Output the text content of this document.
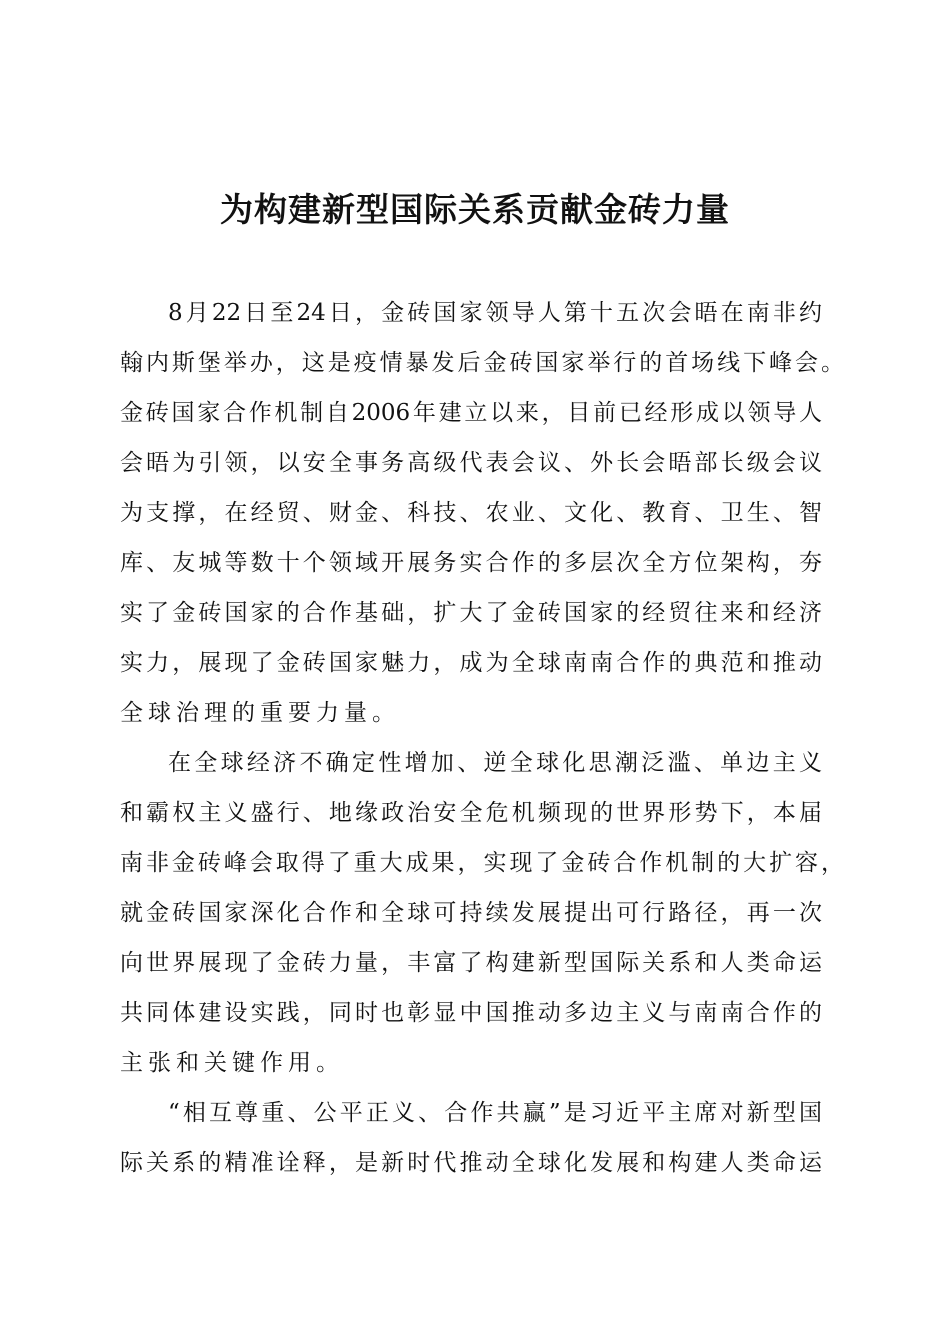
为构建新型国际关系贡献金砖力量
8月22日至24日，金砖国家领导人第十五次会晤在南非约
翰内斯堡举办，这是疫情暴发后金砖国家举行的首场线下峰会。
金砖国家合作机制自2006年建立以来，目前已经形成以领导人
会晤为引领，以安全事务高级代表会议、外长会晤部长级会议
为支撑，在经贸、财金、科技、农业、文化、教育、卫生、智
库、友城等数十个领域开展务实合作的多层次全方位架构，夯
实了金砖国家的合作基础，扩大了金砖国家的经贸往来和经济
实力，展现了金砖国家魅力，成为全球南南合作的典范和推动
全球治理的重要力量。
在全球经济不确定性增加、逆全球化思潮泛滥、单边主义
和霸权主义盛行、地缘政治安全危机频现的世界形势下，本届
南非金砖峰会取得了重大成果，实现了金砖合作机制的大扩容，
就金砖国家深化合作和全球可持续发展提出可行路径，再一次
向世界展现了金砖力量，丰富了构建新型国际关系和人类命运
共同体建设实践，同时也彰显中国推动多边主义与南南合作的
主张和关键作用。
“相互尊重、公平正义、合作共赢”是习近平主席对新型国
际关系的精准诠释，是新时代推动全球化发展和构建人类命运
